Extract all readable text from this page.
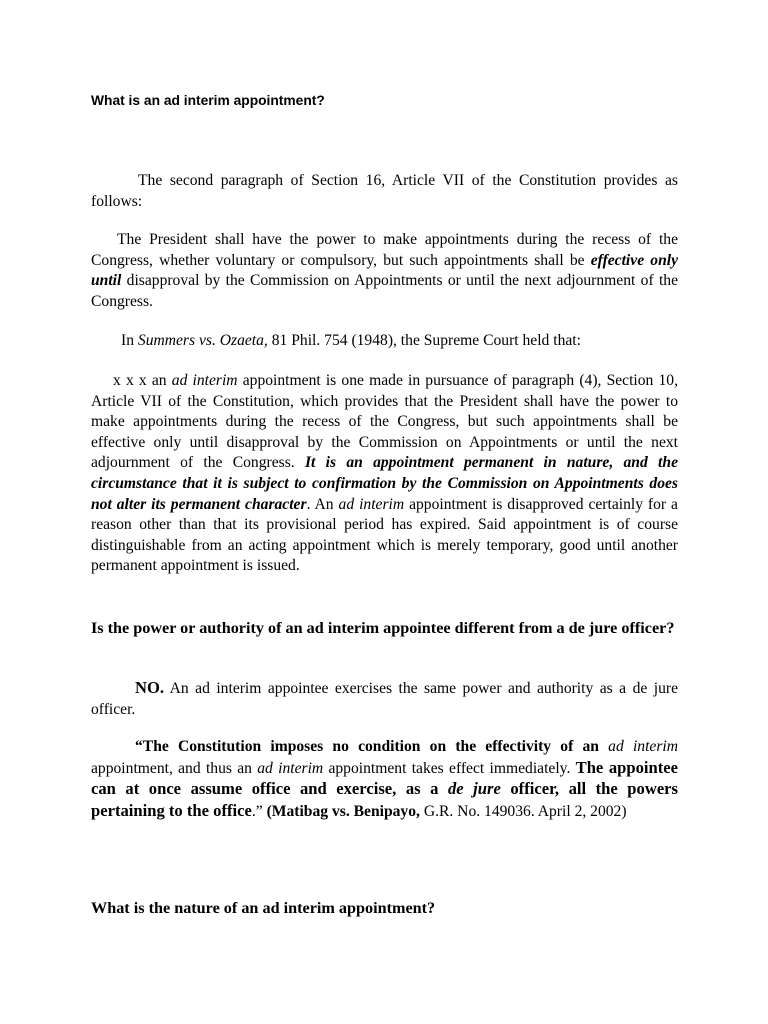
What is an ad interim appointment?

The second paragraph of Section 16, Article VII of the Constitution provides as follows:

The President shall have the power to make appointments during the recess of the Congress, whether voluntary or compulsory, but such appointments shall be effective only until disapproval by the Commission on Appointments or until the next adjournment of the Congress.

In Summers vs. Ozaeta, 81 Phil. 754 (1948), the Supreme Court held that:

x x x an ad interim appointment is one made in pursuance of paragraph (4), Section 10, Article VII of the Constitution, which provides that the President shall have the power to make appointments during the recess of the Congress, but such appointments shall be effective only until disapproval by the Commission on Appointments or until the next adjournment of the Congress. It is an appointment permanent in nature, and the circumstance that it is subject to confirmation by the Commission on Appointments does not alter its permanent character. An ad interim appointment is disapproved certainly for a reason other than that its provisional period has expired. Said appointment is of course distinguishable from an acting appointment which is merely temporary, good until another permanent appointment is issued.

Is the power or authority of an ad interim appointee different from a de jure officer?

NO. An ad interim appointee exercises the same power and authority as a de jure officer.

“The Constitution imposes no condition on the effectivity of an ad interim appointment, and thus an ad interim appointment takes effect immediately. The appointee can at once assume office and exercise, as a de jure officer, all the powers pertaining to the office.” (Matibag vs. Benipayo, G.R. No. 149036. April 2, 2002)

What is the nature of an ad interim appointment?
